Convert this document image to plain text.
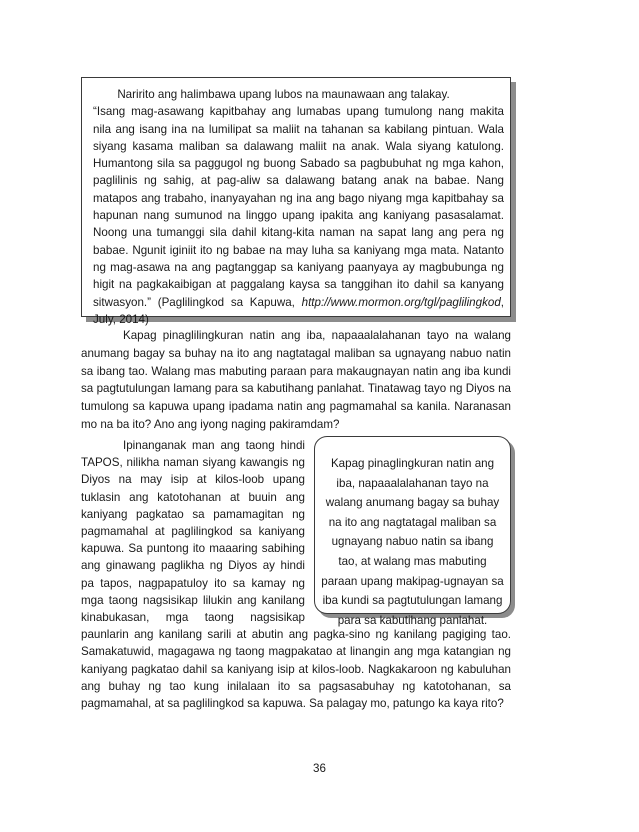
Naririto ang halimbawa upang lubos na maunawaan ang talakay.

“Isang mag-asawang kapitbahay ang lumabas upang tumulong nang makita nila ang isang ina na lumilipat sa maliit na tahanan sa kabilang pintuan. Wala siyang kasama maliban sa dalawang maliit na anak. Wala siyang katulong. Humantong sila sa paggugol ng buong Sabado sa pagbubuhat ng mga kahon, paglilinis ng sahig, at pag-aliw sa dalawang batang anak na babae. Nang matapos ang trabaho, inanyayahan ng ina ang bago niyang mga kapitbahay sa hapunan nang sumunod na linggo upang ipakita ang kaniyang pasasalamat. Noong una tumanggi sila dahil kitang-kita naman na sapat lang ang pera ng babae. Ngunit iginiit ito ng babae na may luha sa kaniyang mga mata. Natanto ng mag-asawa na ang pagtanggap sa kaniyang paanyaya ay magbubunga ng higit na pagkakaibigan at paggalang kaysa sa tanggihan ito dahil sa kanyang sitwasyon.” (Paglilingkod sa Kapuwa, http://www.mormon.org/tgl/paglilingkod, July, 2014)

Kapag pinaglilingkuran natin ang iba, napaaalalahanan tayo na walang anumang bagay sa buhay na ito ang nagtatagal maliban sa ugnayang nabuo natin sa ibang tao. Walang mas mabuting paraan para makaugnayan natin ang iba kundi sa pagtutulungan lamang para sa kabutihang panlahat. Tinatawag tayo ng Diyos na tumulong sa kapuwa upang ipadama natin ang pagmamahal sa kanila. Naranasan mo na ba ito? Ano ang iyong naging pakiramdam?

Kapag pinaglingkuran natin ang iba, napaaalalahanan tayo na walang anumang bagay sa buhay na ito ang nagtatagal maliban sa ugnayang nabuo natin sa ibang tao, at walang mas mabuting paraan upang makipag-ugnayan sa iba kundi sa pagtutulungan lamang para sa kabutihang panlahat.
Ipinanganak man ang taong hindi TAPOS, nilikha naman siyang kawangis ng Diyos na may isip at kilos-loob upang tuklasin ang katotohanan at buuin ang kaniyang pagkatao sa pamamagitan ng pagmamahal at paglilingkod sa kaniyang kapuwa. Sa puntong ito maaaring sabihing ang ginawang paglikha ng Diyos ay hindi pa tapos, nagpapatuloy ito sa kamay ng mga taong nagsisikap lilukin ang kanilang kinabukasan, mga taong nagsisikap paunlarin ang kanilang sarili at abutin ang pagka-sino ng kanilang pagiging tao. Samakatuwid, magagawa ng taong magpakatao at linangin ang mga katangian ng kaniyang pagkatao dahil sa kaniyang isip at kilos-loob. Nagkakaroon ng kabuluhan ang buhay ng tao kung inilalaan ito sa pagsasabuhay ng katotohanan, sa pagmamahal, at sa paglilingkod sa kapuwa. Sa palagay mo, patungo ka kaya rito?
36
